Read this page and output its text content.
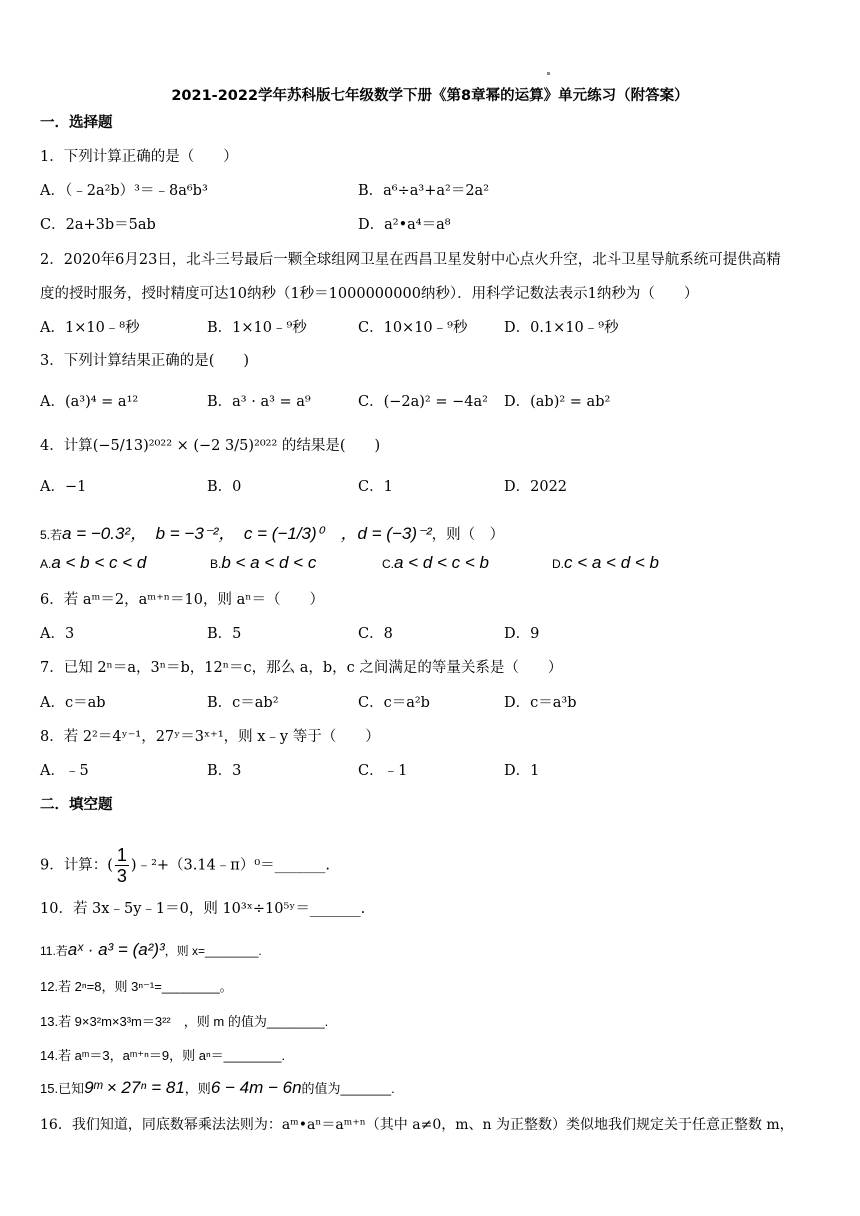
2021-2022学年苏科版七年级数学下册《第8章幂的运算》单元练习（附答案）
一．选择题
1．下列计算正确的是（　　）
A．（﹣2a²b）³＝﹣8a⁶b³	B．a⁶÷a³+a²＝2a²
C．2a+3b＝5ab	D．a²•a⁴＝a⁸
2．2020年6月23日，北斗三号最后一颗全球组网卫星在西昌卫星发射中心点火升空，北斗卫星导航系统可提供高精
度的授时服务，授时精度可达10纳秒（1秒＝1000000000纳秒）．用科学记数法表示1纳秒为（　　）
A．1×10﹣⁸秒	B．1×10﹣⁹秒	C．10×10﹣⁹秒	D．0.1×10﹣⁹秒
3．下列计算结果正确的是(　　)
A．(a³)⁴ = a¹²	B．a³ · a³ = a⁹	C．(−2a)² = −4a² D．(ab)² = ab²
4．计算(−5/13)²⁰²² × (−2 3/5)²⁰²² 的结果是(　　)
A．−1	B．0	C．1	D．2022
5.若a = −0.3²，　b = −3⁻²，　c = (−1/3)⁰　，d = (−3)⁻²，则（　）
A.a < b < c < d	B.b < a < d < c	C.a < d < c < b	D.c < a < d < b
6．若 aᵐ＝2，aᵐ⁺ⁿ＝10，则 aⁿ＝（　　）
A．3	B．5	C．8	D．9
7．已知 2ⁿ＝a，3ⁿ＝b，12ⁿ＝c，那么 a，b，c 之间满足的等量关系是（　　）
A．c＝ab	B．c＝ab²	C．c＝a²b	D．c＝a³b
8．若 2²＝4ʸ⁻¹，27ʸ＝3ˣ⁺¹，则 x﹣y 等于（　　）
A．﹣5	B．3	C．﹣1	D．1
二．填空题
9．计算：( $\frac{1}{3}$ )﹣²+（3.14﹣π）⁰＝_______.
10．若 3x﹣5y﹣1＝0，则 10³ˣ÷10⁵ʸ＝_______.
11.若aˣ · a³ = (a²)³，则 x=________.
12.若 2ⁿ=8，则 3ⁿ⁻¹=________。
13.若 9×3²m×3³m＝3²²　，则 m 的值为________.
14.若 aᵐ＝3，aᵐ⁺ⁿ＝9，则 aⁿ＝________.
15.已知9ᵐ × 27ⁿ = 81，则6 − 4m − 6n的值为_______.
16．我们知道，同底数幂乘法法则为：aᵐ•aⁿ＝aᵐ⁺ⁿ（其中 a≠0，m、n 为正整数）类似地我们规定关于任意正整数 m，
